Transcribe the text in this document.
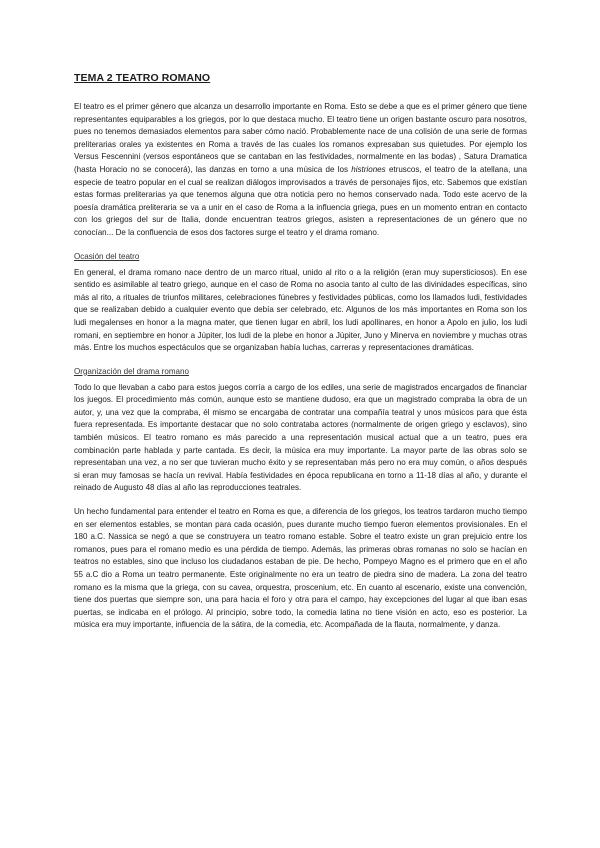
TEMA 2 TEATRO ROMANO

El teatro es el primer género que alcanza un desarrollo importante en Roma. Esto se debe a que es el primer género que tiene representantes equiparables a los griegos, por lo que destaca mucho. El teatro tiene un origen bastante oscuro para nosotros, pues no tenemos demasiados elementos para saber cómo nació. Probablemente nace de una colisión de una serie de formas preliterarias orales ya existentes en Roma a través de las cuales los romanos expresaban sus quietudes. Por ejemplo los Versus Fescennini (versos espontáneos que se cantaban en las festividades, normalmente en las bodas) , Satura Dramatica (hasta Horacio no se conocerá), las danzas en torno a una música de los histriones etruscos, el teatro de la atellana, una especie de teatro popular en el cual se realizan diálogos improvisados a través de personajes fijos, etc. Sabemos que existían estas formas preliterarias ya que tenemos alguna que otra noticia pero no hemos conservado nada. Todo este acervo de la poesía dramática preliteraria se va a unir en el caso de Roma a la influencia griega, pues en un momento entran en contacto con los griegos del sur de Italia, donde encuentran teatros griegos, asisten a representaciones de un género que no conocían... De la confluencia de esos dos factores surge el teatro y el drama romano.

Ocasión del teatro

En general, el drama romano nace dentro de un marco ritual, unido al rito o a la religión (eran muy supersticiosos). En ese sentido es asimilable al teatro griego, aunque en el caso de Roma no asocia tanto al culto de las divinidades específicas, sino más al rito, a rituales de triunfos militares, celebraciones fúnebres y festividades públicas, como los llamados ludi, festividades que se realizaban debido a cualquier evento que debía ser celebrado, etc. Algunos de los más importantes en Roma son los ludi megalenses en honor a la magna mater, que tienen lugar en abril, los ludi apollinares, en honor a Apolo en julio, los ludi romani, en septiembre en honor a Júpiter, los ludi de la plebe en honor a Júpiter, Juno y Minerva en noviembre y muchas otras más. Entre los muchos espectáculos que se organizaban había luchas, carreras y representaciones dramáticas.

Organización del drama romano

Todo lo que llevaban a cabo para estos juegos corría a cargo de los ediles, una serie de magistrados encargados de financiar los juegos. El procedimiento más común, aunque esto se mantiene dudoso, era que un magistrado compraba la obra de un autor, y, una vez que la compraba, él mismo se encargaba de contratar una compañía teatral y unos músicos para que ésta fuera representada. Es importante destacar que no solo contrataba actores (normalmente de origen griego y esclavos), sino también músicos. El teatro romano es más parecido a una representación musical actual que a un teatro, pues era combinación parte hablada y parte cantada. Es decir, la música era muy importante. La mayor parte de las obras solo se representaban una vez, a no ser que tuvieran mucho éxito y se representaban más pero no era muy común, o años después si eran muy famosas se hacía un revival. Había festividades en época republicana en torno a 11-18 días al año, y durante el reinado de Augusto 48 días al año las reproducciones teatrales.

Un hecho fundamental para entender el teatro en Roma es que, a diferencia de los griegos, los teatros tardaron mucho tiempo en ser elementos estables, se montan para cada ocasión, pues durante mucho tiempo fueron elementos provisionales. En el 180 a.C. Nassica se negó a que se construyera un teatro romano estable. Sobre el teatro existe un gran prejuicio entre los romanos, pues para el romano medio es una pérdida de tiempo. Además, las primeras obras romanas no solo se hacían en teatros no estables, sino que incluso los ciudadanos estaban de pie. De hecho, Pompeyo Magno es el primero que en el año 55 a.C dio a Roma un teatro permanente. Este originalmente no era un teatro de piedra sino de madera. La zona del teatro romano es la misma que la griega, con su cavea, orquestra, proscenium, etc. En cuanto al escenario, existe una convención, tiene dos puertas que siempre son, una para hacia el foro y otra para el campo, hay excepciones del lugar al que iban esas puertas, se indicaba en el prólogo. Al principio, sobre todo, la comedia latina no tiene visión en acto, eso es posterior. La música era muy importante, influencia de la sátira, de la comedia, etc. Acompañada de la flauta, normalmente, y danza.
